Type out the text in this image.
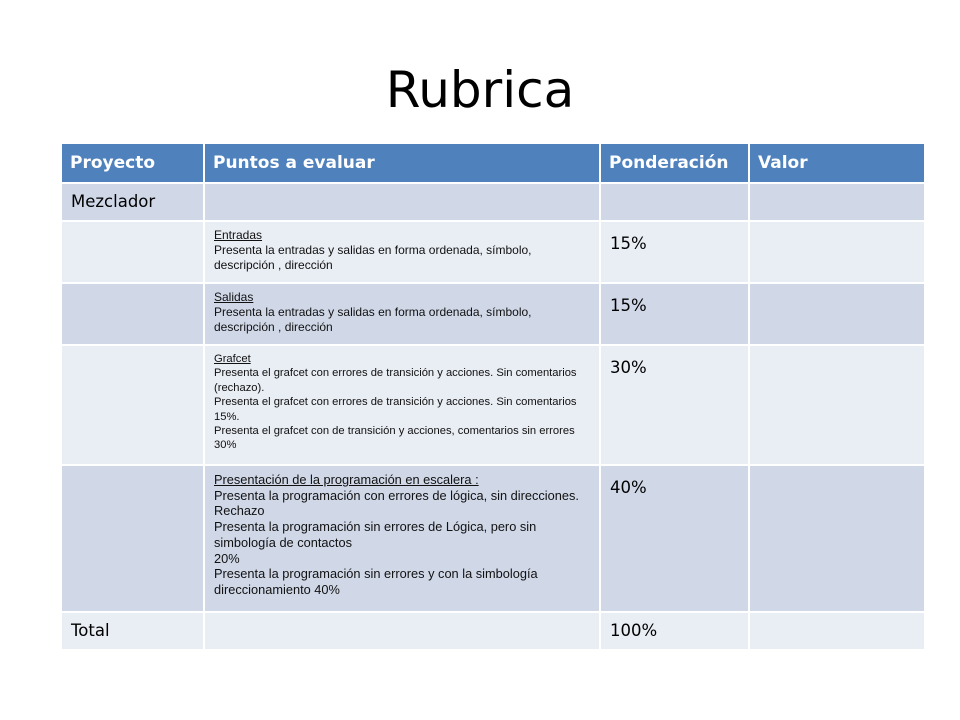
Rubrica
Proyecto	Puntos a evaluar	Ponderación	Valor

Mezclador			

	Entradas
Presenta la entradas y salidas en forma ordenada, símbolo, descripción , dirección	15%	

	Salidas
Presenta la entradas y salidas en forma ordenada, símbolo, descripción , dirección	15%	

	Grafcet
Presenta el grafcet con errores de transición y acciones. Sin comentarios (rechazo).
Presenta el grafcet con errores de transición y acciones. Sin comentarios 15%.
Presenta el grafcet con de transición y acciones, comentarios sin errores 30%	30%	

	Presentación de la programación en escalera :
Presenta la programación con errores de lógica, sin direcciones. Rechazo
Presenta la programación sin errores de Lógica, pero sin simbología de contactos
20%
Presenta la programación sin errores y con la simbología direccionamiento 40%	40%	

Total		100%	
